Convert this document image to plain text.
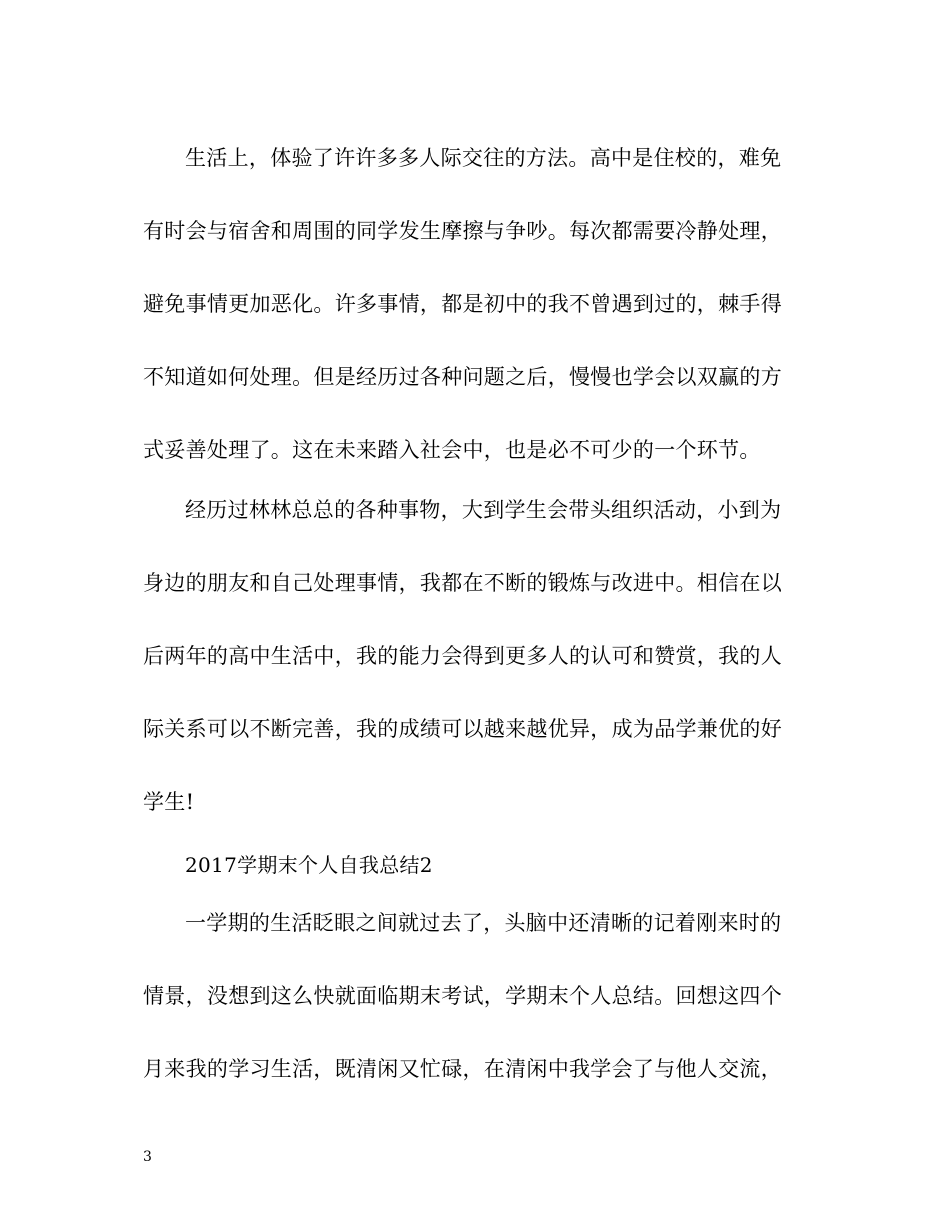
生活上，体验了许许多多人际交往的方法。高中是住校的，难免
有时会与宿舍和周围的同学发生摩擦与争吵。每次都需要冷静处理，
避免事情更加恶化。许多事情，都是初中的我不曾遇到过的，棘手得
不知道如何处理。但是经历过各种问题之后，慢慢也学会以双赢的方
式妥善处理了。这在未来踏入社会中，也是必不可少的一个环节。
经历过林林总总的各种事物，大到学生会带头组织活动，小到为
身边的朋友和自己处理事情，我都在不断的锻炼与改进中。相信在以
后两年的高中生活中，我的能力会得到更多人的认可和赞赏，我的人
际关系可以不断完善，我的成绩可以越来越优异，成为品学兼优的好
学生!
2017学期末个人自我总结2
一学期的生活眨眼之间就过去了，头脑中还清晰的记着刚来时的
情景，没想到这么快就面临期末考试，学期末个人总结。回想这四个
月来我的学习生活，既清闲又忙碌，在清闲中我学会了与他人交流，
3
